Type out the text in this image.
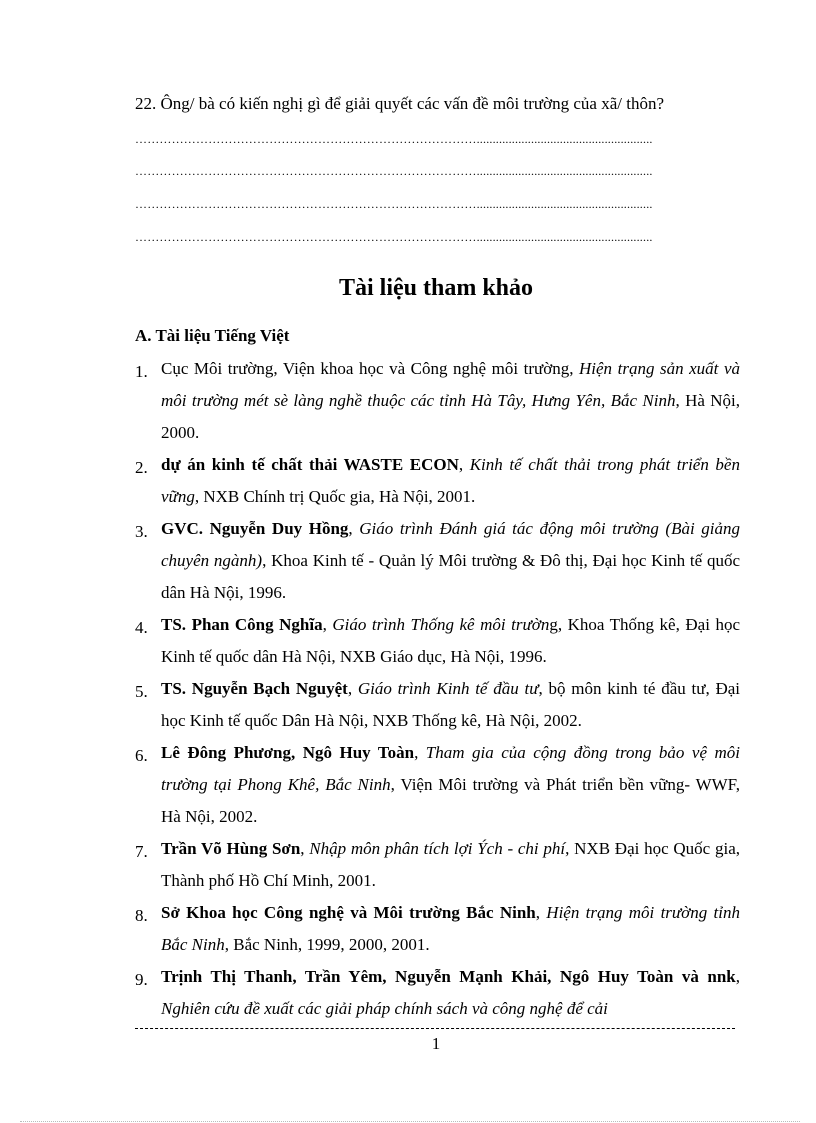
22. Ông/ bà có kiến nghị gì để giải quyết các vấn đề môi trường của xã/ thôn?
………………………………………………………………………….......................................................
………………………………………………………………………….......................................................
………………………………………………………………………….......................................................
………………………………………………………………………….......................................................
Tài liệu tham khảo
A. Tài liệu Tiếng Việt
1. Cục Môi trường, Viện khoa học và Công nghệ môi trường, Hiện trạng sản xuất và môi trường mét sè làng nghề thuộc các tỉnh Hà Tây, Hưng Yên, Bắc Ninh, Hà Nội, 2000.
2. dự án kinh tế chất thải WASTE ECON, Kinh tế chất thải trong phát triển bền vững, NXB Chính trị Quốc gia, Hà Nội, 2001.
3. GVC. Nguyễn Duy Hồng, Giáo trình Đánh giá tác động môi trường (Bài giảng chuyên ngành), Khoa Kinh tế - Quản lý Môi trường & Đô thị, Đại học Kinh tế quốc dân Hà Nội, 1996.
4. TS. Phan Công Nghĩa, Giáo trình Thống kê môi trường, Khoa Thống kê, Đại học Kinh tế quốc dân Hà Nội, NXB Giáo dục, Hà Nội, 1996.
5. TS. Nguyễn Bạch Nguyệt, Giáo trình Kinh tế đầu tư, bộ môn kinh té đầu tư, Đại học Kinh tế quốc Dân Hà Nội, NXB Thống kê, Hà Nội, 2002.
6. Lê Đông Phương, Ngô Huy Toàn, Tham gia của cộng đồng trong bảo vệ môi trường tại Phong Khê, Bắc Ninh, Viện Môi trường và Phát triển bền vững- WWF, Hà Nội, 2002.
7. Trần Võ Hùng Sơn, Nhập môn phân tích lợi Ých - chi phí, NXB Đại học Quốc gia, Thành phố Hồ Chí Minh, 2001.
8. Sở Khoa học Công nghệ và Môi trường Bắc Ninh, Hiện trạng môi trường tỉnh Bắc Ninh, Bắc Ninh, 1999, 2000, 2001.
9. Trịnh Thị Thanh, Trần Yêm, Nguyễn Mạnh Khải, Ngô Huy Toàn và nnk, Nghiên cứu đề xuất các giải pháp chính sách và công nghệ để cải
1
